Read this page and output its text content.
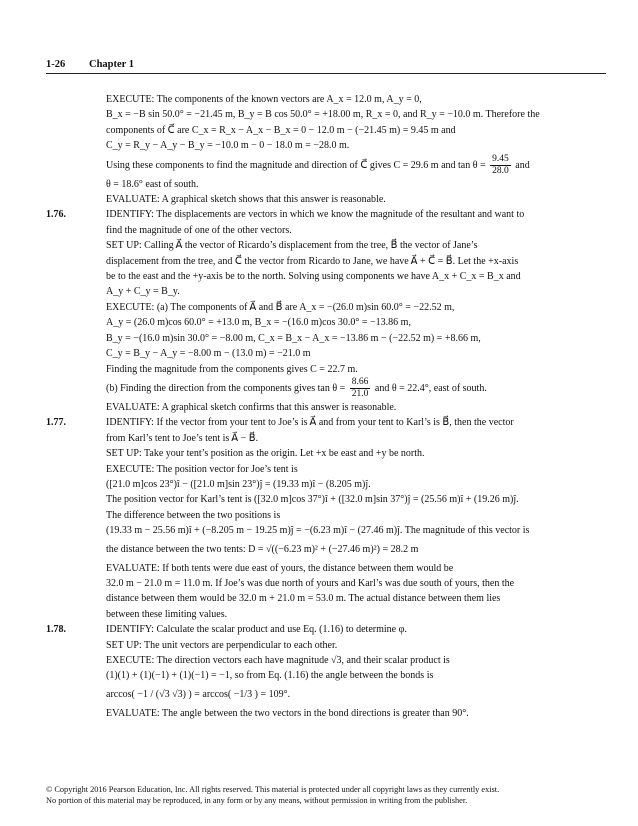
1-26 Chapter 1
EXECUTE: The components of the known vectors are A_x = 12.0 m, A_y = 0,
B_x = −B sin 50.0° = −21.45 m, B_y = B cos 50.0° = +18.00 m, R_x = 0, and R_y = −10.0 m. Therefore the
components of C⃗ are C_x = R_x − A_x − B_x = 0 − 12.0 m − (−21.45 m) = 9.45 m and
C_y = R_y − A_y − B_y = −10.0 m − 0 − 18.0 m = −28.0 m.
Using these components to find the magnitude and direction of C⃗ gives C = 29.6 m and $\tan \theta = \frac{9.45}{28.0}$ and
θ = 18.6° east of south.
EVALUATE: A graphical sketch shows that this answer is reasonable.
1.76.	IDENTIFY: The displacements are vectors in which we know the magnitude of the resultant and want to
find the magnitude of one of the other vectors.
SET UP: Calling A⃗ the vector of Ricardo’s displacement from the tree, B⃗ the vector of Jane’s
displacement from the tree, and C⃗ the vector from Ricardo to Jane, we have A⃗ + C⃗ = B⃗. Let the +x-axis
be to the east and the +y-axis be to the north. Solving using components we have A_x + C_x = B_x and
A_y + C_y = B_y.
EXECUTE: (a) The components of A⃗ and B⃗ are A_x = −(26.0 m)sin 60.0° = −22.52 m,
A_y = (26.0 m)cos 60.0° = +13.0 m, B_x = −(16.0 m)cos 30.0° = −13.86 m,
B_y = −(16.0 m)sin 30.0° = −8.00 m, C_x = B_x − A_x = −13.86 m − (−22.52 m) = +8.66 m,
C_y = B_y − A_y = −8.00 m − (13.0 m) = −21.0 m
Finding the magnitude from the components gives C = 22.7 m.
(b) Finding the direction from the components gives $\tan \theta = \frac{8.66}{21.0}$ and θ = 22.4°, east of south.
EVALUATE: A graphical sketch confirms that this answer is reasonable.
1.77.	IDENTIFY: If the vector from your tent to Joe’s is A⃗ and from your tent to Karl’s is B⃗, then the vector
from Karl’s tent to Joe’s tent is A⃗ − B⃗.
SET UP: Take your tent’s position as the origin. Let +x be east and +y be north.
EXECUTE: The position vector for Joe’s tent is
([21.0 m]cos 23°)î − ([21.0 m]sin 23°)ĵ = (19.33 m)î − (8.205 m)ĵ.
The position vector for Karl’s tent is ([32.0 m]cos 37°)î + ([32.0 m]sin 37°)ĵ = (25.56 m)î + (19.26 m)ĵ.
The difference between the two positions is
(19.33 m − 25.56 m)î + (−8.205 m − 19.25 m)ĵ = −(6.23 m)î − (27.46 m)ĵ. The magnitude of this vector is
the distance between the two tents: D = √((−6.23 m)² + (−27.46 m)²) = 28.2 m
EVALUATE: If both tents were due east of yours, the distance between them would be
32.0 m − 21.0 m = 11.0 m. If Joe’s was due north of yours and Karl’s was due south of yours, then the
distance between them would be 32.0 m + 21.0 m = 53.0 m. The actual distance between them lies
between these limiting values.
1.78.	IDENTIFY: Calculate the scalar product and use Eq. (1.16) to determine φ.
SET UP: The unit vectors are perpendicular to each other.
EXECUTE: The direction vectors each have magnitude √3, and their scalar product is
(1)(1) + (1)(−1) + (1)(−1) = −1, so from Eq. (1.16) the angle between the bonds is
arccos( −1 / (√3 √3) ) = arccos( −1/3 ) = 109°.
EVALUATE: The angle between the two vectors in the bond directions is greater than 90°.
© Copyright 2016 Pearson Education, Inc. All rights reserved. This material is protected under all copyright laws as they currently exist.
No portion of this material may be reproduced, in any form or by any means, without permission in writing from the publisher.
